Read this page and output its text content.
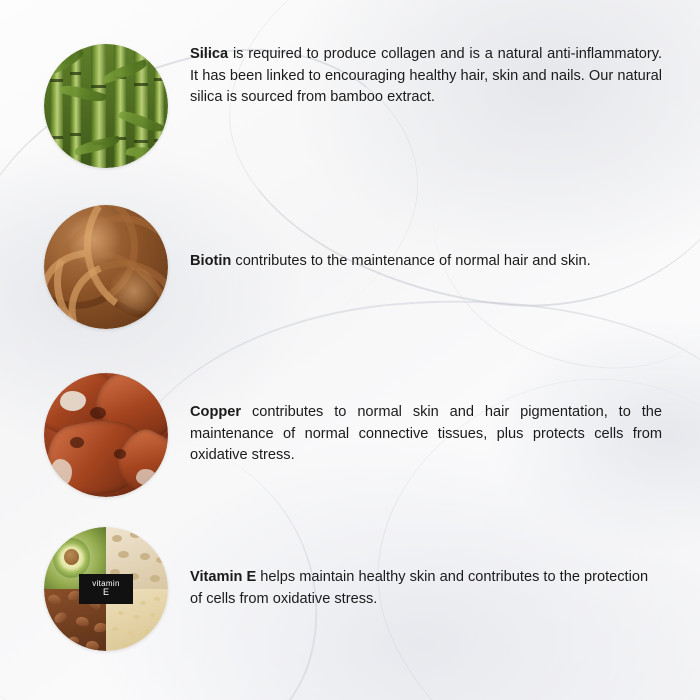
Silica is required to produce collagen and is a natural anti-inflammatory. It has been linked to encouraging healthy hair, skin and nails. Our natural silica is sourced from bamboo extract.
Biotin contributes to the maintenance of normal hair and skin.
Copper contributes to normal skin and hair pigmentation, to the maintenance of normal connective tissues, plus protects cells from oxidative stress.
vitamin
E
Vitamin E helps maintain healthy skin and contributes to the protection of cells from oxidative stress.
